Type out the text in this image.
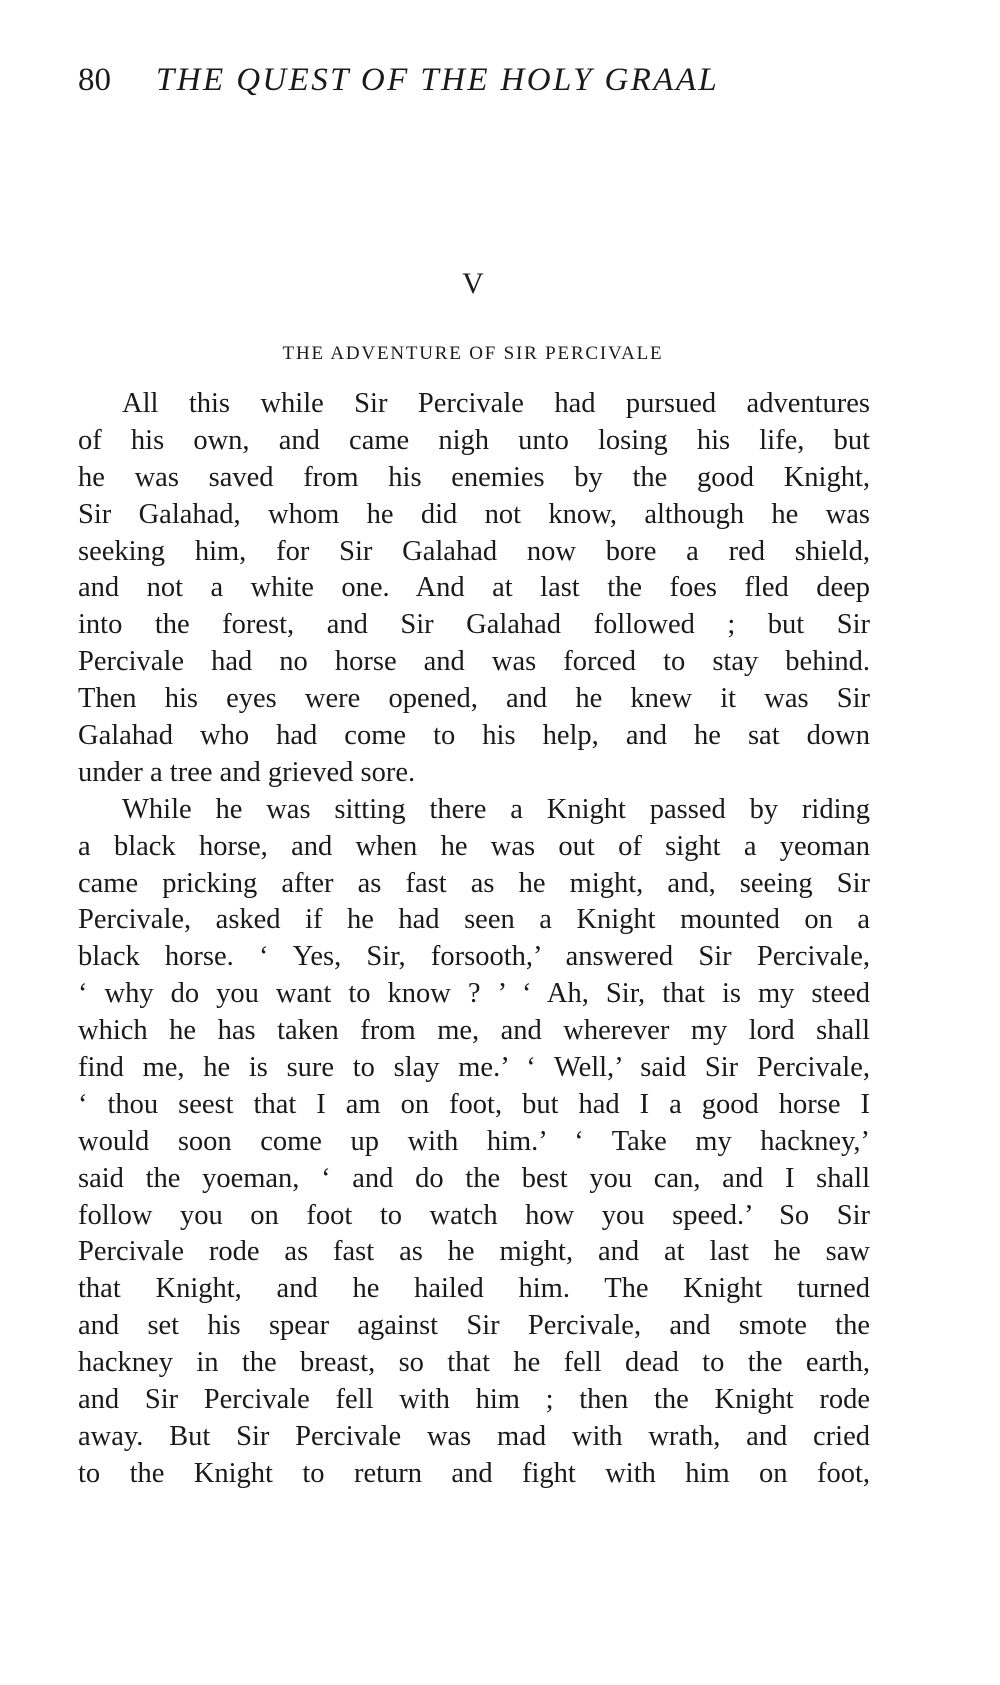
80 THE QUEST OF THE HOLY GRAAL
V
THE ADVENTURE OF SIR PERCIVALE
All this while Sir Percivale had pursued adventures
of his own, and came nigh unto losing his life, but
he was saved from his enemies by the good Knight,
Sir Galahad, whom he did not know, although he was
seeking him, for Sir Galahad now bore a red shield,
and not a white one. And at last the foes fled deep
into the forest, and Sir Galahad followed ; but Sir
Percivale had no horse and was forced to stay behind.
Then his eyes were opened, and he knew it was Sir
Galahad who had come to his help, and he sat down
under a tree and grieved sore.
While he was sitting there a Knight passed by riding
a black horse, and when he was out of sight a yeoman
came pricking after as fast as he might, and, seeing Sir
Percivale, asked if he had seen a Knight mounted on a
black horse. ‘ Yes, Sir, forsooth,’ answered Sir Percivale,
‘ why do you want to know ? ’ ‘ Ah, Sir, that is my steed
which he has taken from me, and wherever my lord shall
find me, he is sure to slay me.’ ‘ Well,’ said Sir Percivale,
‘ thou seest that I am on foot, but had I a good horse I
would soon come up with him.’ ‘ Take my hackney,’
said the yoeman, ‘ and do the best you can, and I shall
follow you on foot to watch how you speed.’ So Sir
Percivale rode as fast as he might, and at last he saw
that Knight, and he hailed him. The Knight turned
and set his spear against Sir Percivale, and smote the
hackney in the breast, so that he fell dead to the earth,
and Sir Percivale fell with him ; then the Knight rode
away. But Sir Percivale was mad with wrath, and cried
to the Knight to return and fight with him on foot,
